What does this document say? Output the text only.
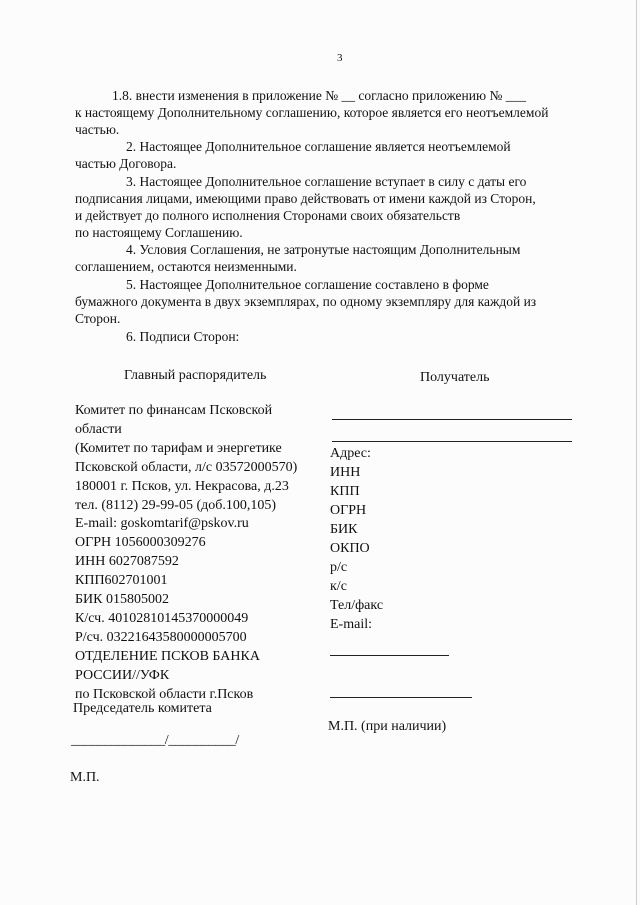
3
1.8. внести изменения в приложение № __ согласно приложению № ___
к настоящему Дополнительному соглашению, которое является его неотъемлемой
частью.
2. Настоящее Дополнительное соглашение является неотъемлемой
частью Договора.
3. Настоящее Дополнительное соглашение вступает в силу с даты его
подписания лицами, имеющими право действовать от имени каждой из Сторон,
и действует до полного исполнения Сторонами своих обязательств
по настоящему Соглашению.
4. Условия Соглашения, не затронутые настоящим Дополнительным
соглашением, остаются неизменными.
5. Настоящее Дополнительное соглашение составлено в форме
бумажного документа в двух экземплярах, по одному экземпляру для каждой из
Сторон.
6. Подписи Сторон:
Главный распорядитель	Получатель
Комитет по финансам Псковской
области
(Комитет по тарифам и энергетике
Псковской области, л/с 03572000570)
180001 г. Псков, ул. Некрасова, д.23
тел. (8112) 29-99-05 (доб.100,105)
E-mail: goskomtarif@pskov.ru
ОГРН 1056000309276
ИНН 6027087592
КПП602701001
БИК 015805002
К/сч. 40102810145370000049
Р/сч. 03221643580000005700
ОТДЕЛЕНИЕ ПСКОВ БАНКА
РОССИИ//УФК
по Псковской области г.Псков
Адрес:
ИНН
КПП
ОГРН
БИК
ОКПО
р/с
к/с
Тел/факс
E-mail:
Председатель комитета
М.П. (при наличии)
______________/__________/
М.П.
